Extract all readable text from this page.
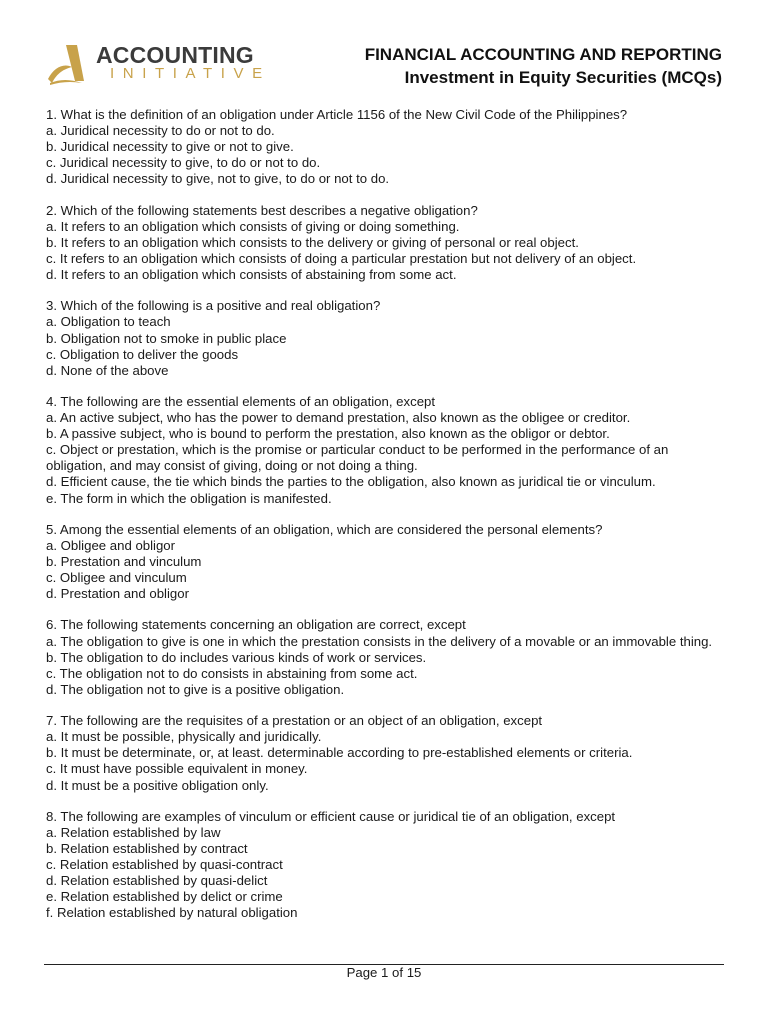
ACCOUNTING
INITIATIVE
FINANCIAL ACCOUNTING AND REPORTING
Investment in Equity Securities (MCQs)
1. What is the definition of an obligation under Article 1156 of the New Civil Code of the Philippines?
a. Juridical necessity to do or not to do.
b. Juridical necessity to give or not to give.
c. Juridical necessity to give, to do or not to do.
d. Juridical necessity to give, not to give, to do or not to do.
2. Which of the following statements best describes a negative obligation?
a. It refers to an obligation which consists of giving or doing something.
b. It refers to an obligation which consists to the delivery or giving of personal or real object.
c. It refers to an obligation which consists of doing a particular prestation but not delivery of an object.
d. It refers to an obligation which consists of abstaining from some act.
3. Which of the following is a positive and real obligation?
a. Obligation to teach
b. Obligation not to smoke in public place
c. Obligation to deliver the goods
d. None of the above
4. The following are the essential elements of an obligation, except
a. An active subject, who has the power to demand prestation, also known as the obligee or creditor.
b. A passive subject, who is bound to perform the prestation, also known as the obligor or debtor.
c. Object or prestation, which is the promise or particular conduct to be performed in the performance of an obligation, and may consist of giving, doing or not doing a thing.
d. Efficient cause, the tie which binds the parties to the obligation, also known as juridical tie or vinculum.
e. The form in which the obligation is manifested.
5. Among the essential elements of an obligation, which are considered the personal elements?
a. Obligee and obligor
b. Prestation and vinculum
c. Obligee and vinculum
d. Prestation and obligor
6. The following statements concerning an obligation are correct, except
a. The obligation to give is one in which the prestation consists in the delivery of a movable or an immovable thing.
b. The obligation to do includes various kinds of work or services.
c. The obligation not to do consists in abstaining from some act.
d. The obligation not to give is a positive obligation.
7. The following are the requisites of a prestation or an object of an obligation, except
a. It must be possible, physically and juridically.
b. It must be determinate, or, at least. determinable according to pre-established elements or criteria.
c. It must have possible equivalent in money.
d. It must be a positive obligation only.
8. The following are examples of vinculum or efficient cause or juridical tie of an obligation, except
a. Relation established by law
b. Relation established by contract
c. Relation established by quasi-contract
d. Relation established by quasi-delict
e. Relation established by delict or crime
f. Relation established by natural obligation
Page 1 of 15
